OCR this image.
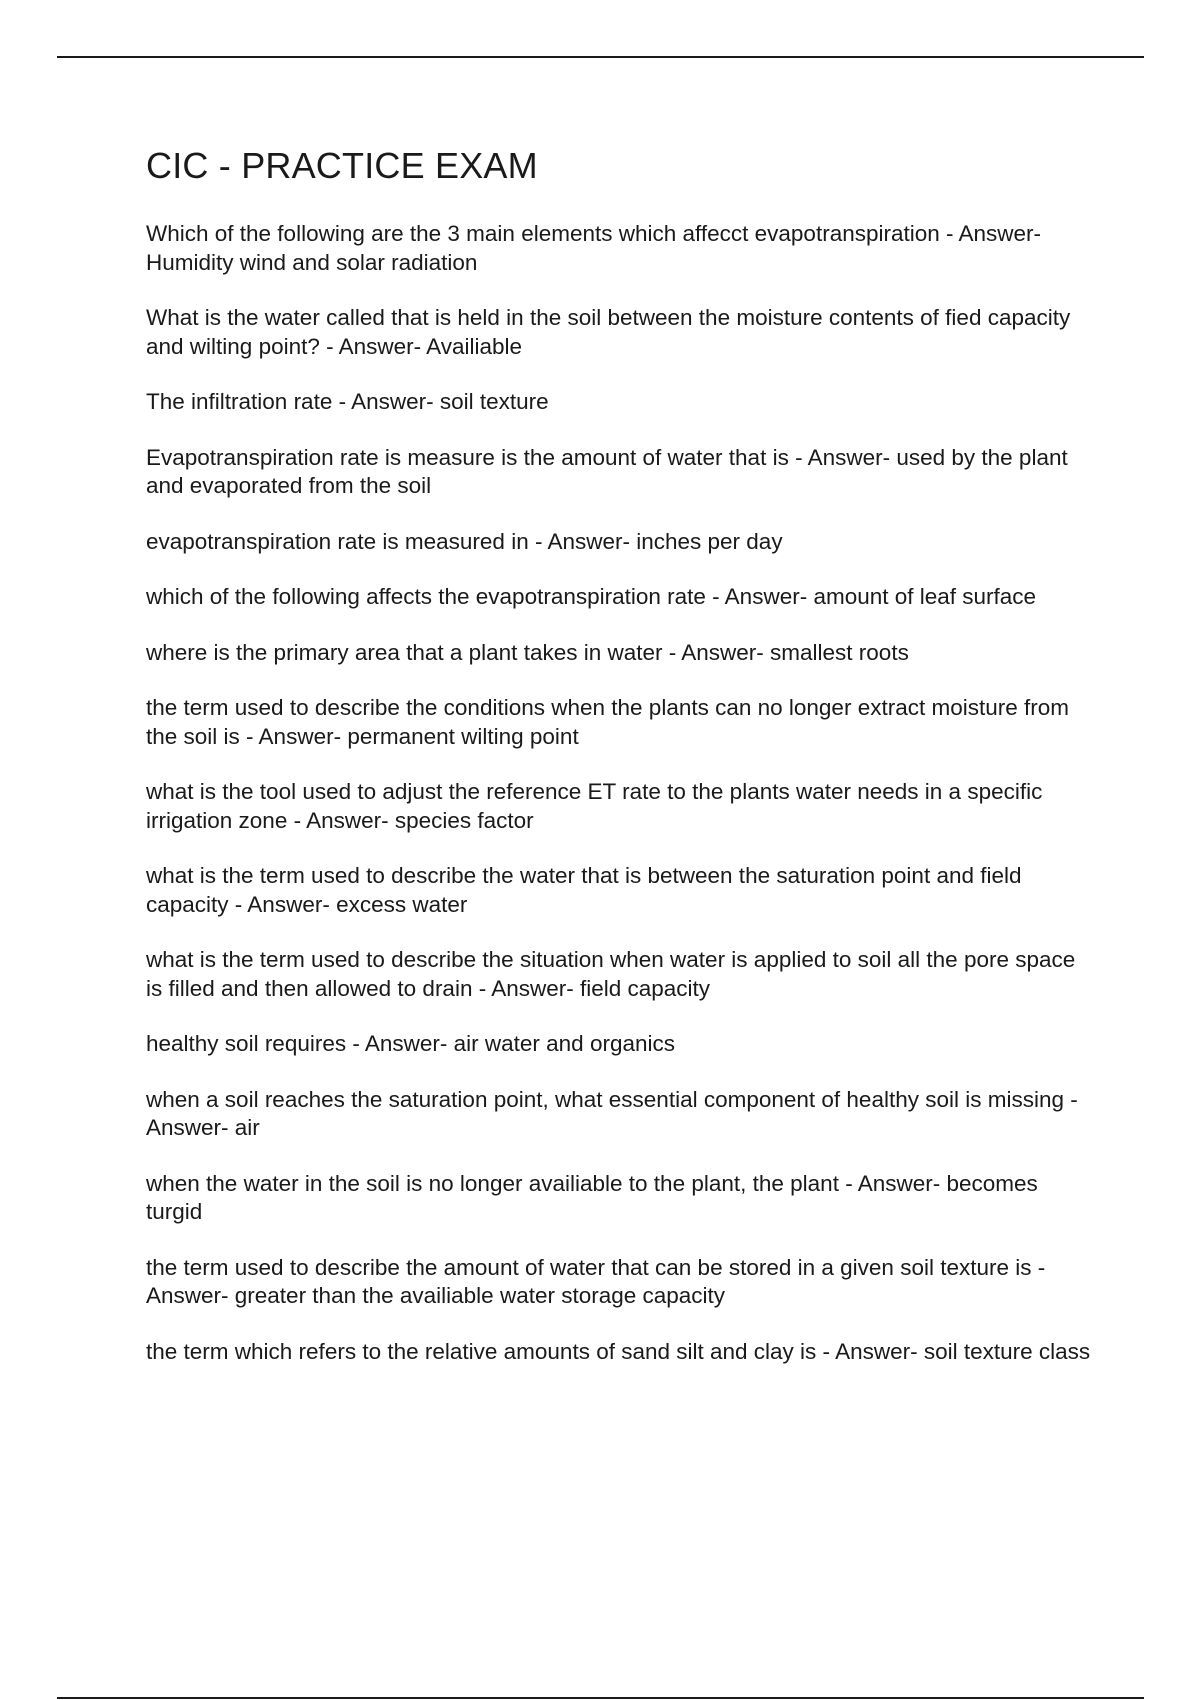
CIC - PRACTICE EXAM
Which of the following are the 3 main elements which affecct evapotranspiration - Answer- Humidity wind and solar radiation
What is the water called that is held in the soil between the moisture contents of fied capacity and wilting point? - Answer- Availiable
The infiltration rate - Answer- soil texture
Evapotranspiration rate is measure is the amount of water that is - Answer- used by the plant and evaporated from the soil
evapotranspiration rate is measured in - Answer- inches per day
which of the following affects the evapotranspiration rate - Answer- amount of leaf surface
where is the primary area that a plant takes in water - Answer- smallest roots
the term used to describe the conditions when the plants can no longer extract moisture from the soil is - Answer- permanent wilting point
what is the tool used to adjust the reference ET rate to the plants water needs in a specific irrigation zone - Answer- species factor
what is the term used to describe the water that is between the saturation point and field capacity - Answer- excess water
what is the term used to describe the situation when water is applied to soil all the pore space is filled and then allowed to drain - Answer- field capacity
healthy soil requires - Answer- air water and organics
when a soil reaches the saturation point, what essential component of healthy soil is missing - Answer- air
when the water in the soil is no longer availiable to the plant, the plant - Answer- becomes turgid
the term used to describe the amount of water that can be stored in a given soil texture is - Answer- greater than the availiable water storage capacity
the term which refers to the relative amounts of sand silt and clay is - Answer- soil texture class
